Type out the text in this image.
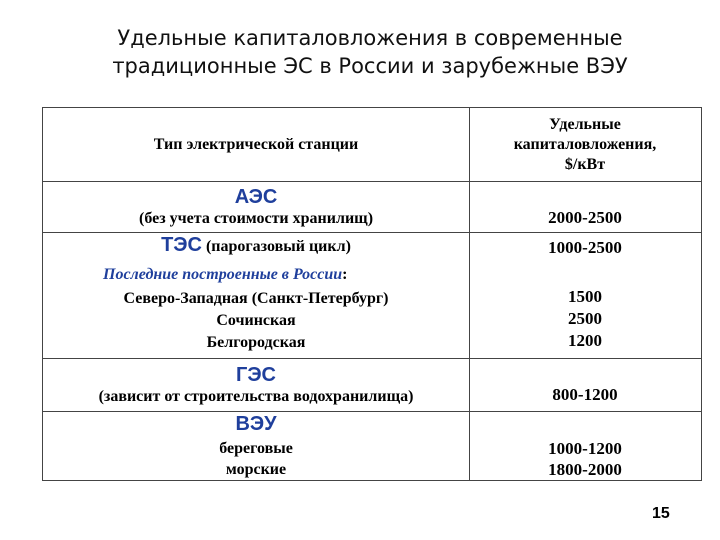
Удельные капиталовложения в современные
традиционные ЭС в России и зарубежные ВЭУ
Тип электрической станции
Удельные
капиталовложения,
$/кВт
АЭС
(без учета стоимости хранилищ)	2000-2500
ТЭС (парогазовый цикл)
Последние построенные в России:
Северо-Западная (Санкт-Петербург)
Сочинская
Белгородская
1000-2500
1500
2500
1200
ГЭС
(зависит от строительства водохранилища)	800-1200
ВЭУ
береговые
морские
1000-1200
1800-2000
15
